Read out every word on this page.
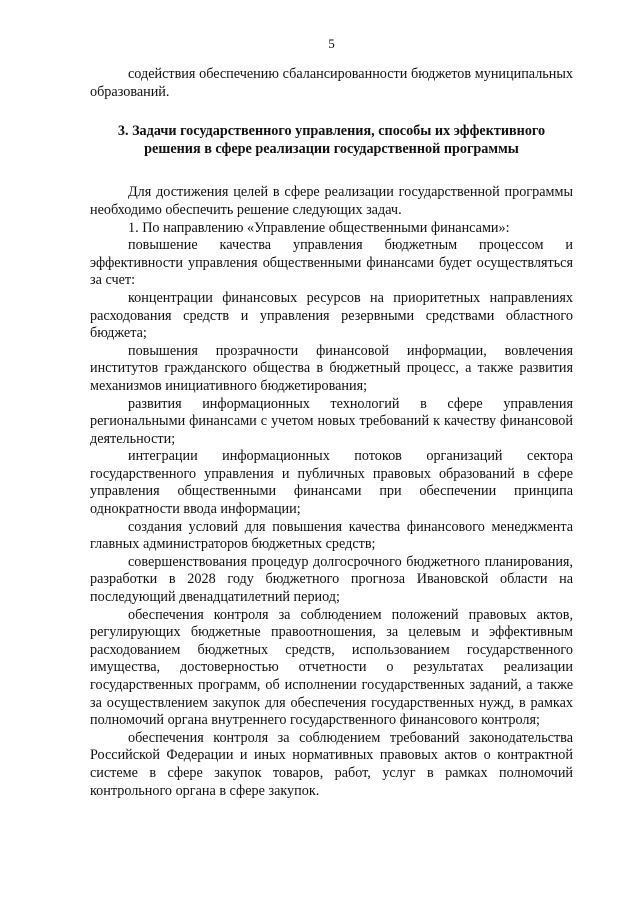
5

содействия обеспечению сбалансированности бюджетов муниципальных образований.

3. Задачи государственного управления, способы их эффективного решения в сфере реализации государственной программы

Для достижения целей в сфере реализации государственной программы необходимо обеспечить решение следующих задач.

1. По направлению «Управление общественными финансами»:

повышение качества управления бюджетным процессом и эффективности управления общественными финансами будет осуществляться за счет:

концентрации финансовых ресурсов на приоритетных направлениях расходования средств и управления резервными средствами областного бюджета;

повышения прозрачности финансовой информации, вовлечения институтов гражданского общества в бюджетный процесс, а также развития механизмов инициативного бюджетирования;

развития информационных технологий в сфере управления региональными финансами с учетом новых требований к качеству финансовой деятельности;

интеграции информационных потоков организаций сектора государственного управления и публичных правовых образований в сфере управления общественными финансами при обеспечении принципа однократности ввода информации;

создания условий для повышения качества финансового менеджмента главных администраторов бюджетных средств;

совершенствования процедур долгосрочного бюджетного планирования, разработки в 2028 году бюджетного прогноза Ивановской области на последующий двенадцатилетний период;

обеспечения контроля за соблюдением положений правовых актов, регулирующих бюджетные правоотношения, за целевым и эффективным расходованием бюджетных средств, использованием государственного имущества, достоверностью отчетности о результатах реализации государственных программ, об исполнении государственных заданий, а также за осуществлением закупок для обеспечения государственных нужд, в рамках полномочий органа внутреннего государственного финансового контроля;

обеспечения контроля за соблюдением требований законодательства Российской Федерации и иных нормативных правовых актов о контрактной системе в сфере закупок товаров, работ, услуг в рамках полномочий контрольного органа в сфере закупок.
